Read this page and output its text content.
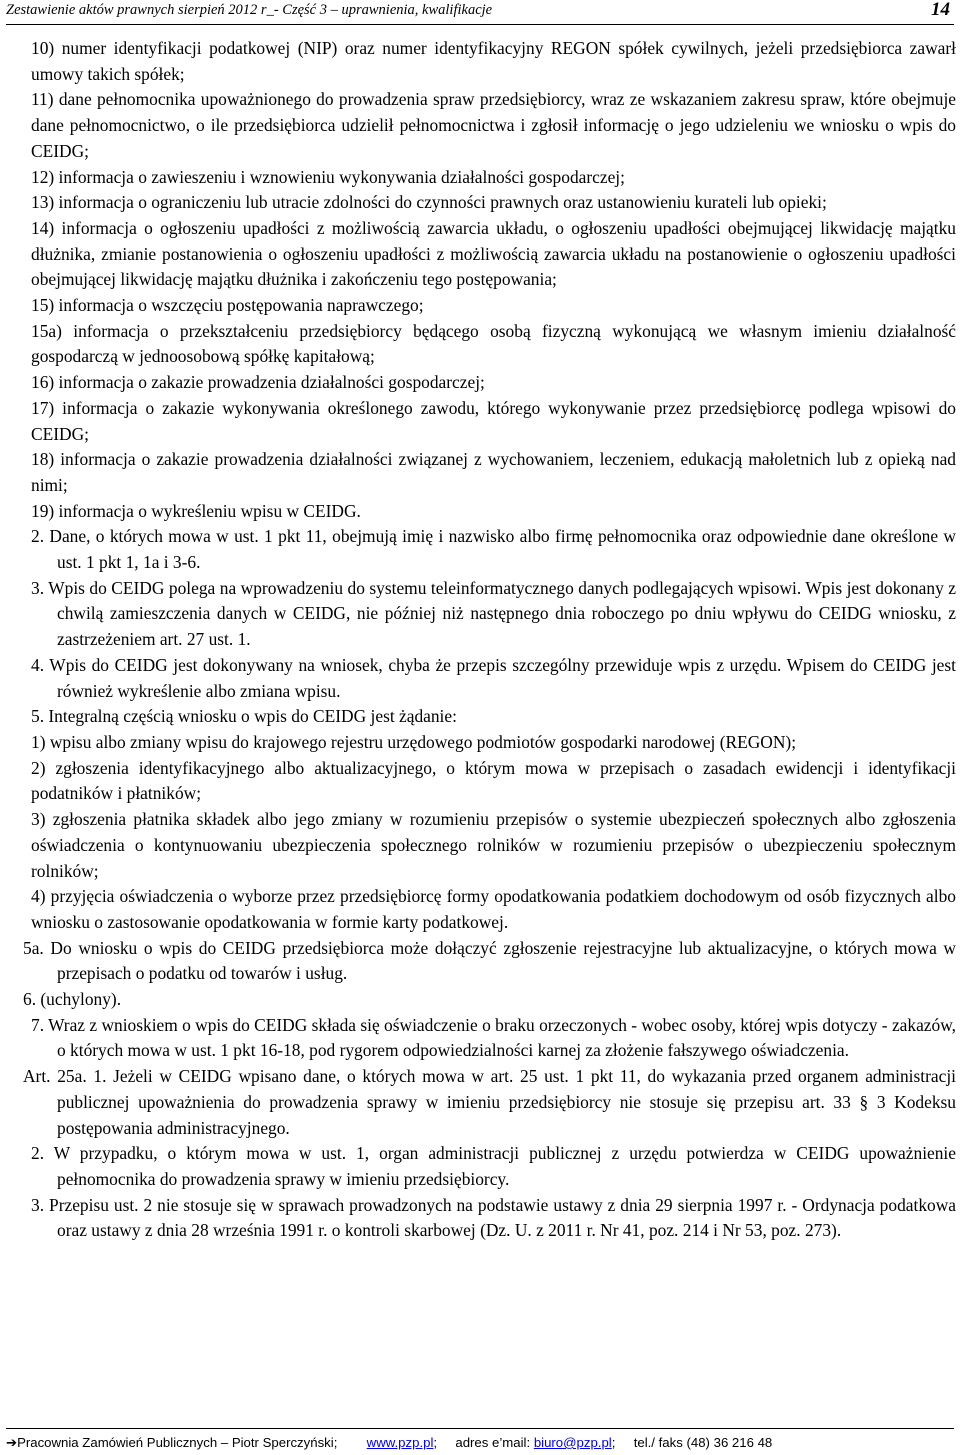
Zestawienie aktów prawnych sierpień 2012 r_- Część 3 – uprawnienia, kwalifikacje	14

10) numer identyfikacji podatkowej (NIP) oraz numer identyfikacyjny REGON spółek cywilnych, jeżeli przedsiębiorca zawarł umowy takich spółek;

11) dane pełnomocnika upoważnionego do prowadzenia spraw przedsiębiorcy, wraz ze wskazaniem zakresu spraw, które obejmuje dane pełnomocnictwo, o ile przedsiębiorca udzielił pełnomocnictwa i zgłosił informację o jego udzieleniu we wniosku o wpis do CEIDG;

12) informacja o zawieszeniu i wznowieniu wykonywania działalności gospodarczej;

13) informacja o ograniczeniu lub utracie zdolności do czynności prawnych oraz ustanowieniu kurateli lub opieki;

14) informacja o ogłoszeniu upadłości z możliwością zawarcia układu, o ogłoszeniu upadłości obejmującej likwidację majątku dłużnika, zmianie postanowienia o ogłoszeniu upadłości z możliwością zawarcia układu na postanowienie o ogłoszeniu upadłości obejmującej likwidację majątku dłużnika i zakończeniu tego postępowania;

15) informacja o wszczęciu postępowania naprawczego;

15a) informacja o przekształceniu przedsiębiorcy będącego osobą fizyczną wykonującą we własnym imieniu działalność gospodarczą w jednoosobową spółkę kapitałową;

16) informacja o zakazie prowadzenia działalności gospodarczej;

17) informacja o zakazie wykonywania określonego zawodu, którego wykonywanie przez przedsiębiorcę podlega wpisowi do CEIDG;

18) informacja o zakazie prowadzenia działalności związanej z wychowaniem, leczeniem, edukacją małoletnich lub z opieką nad nimi;

19) informacja o wykreśleniu wpisu w CEIDG.

2. Dane, o których mowa w ust. 1 pkt 11, obejmują imię i nazwisko albo firmę pełnomocnika oraz odpowiednie dane określone w ust. 1 pkt 1, 1a i 3-6.

3. Wpis do CEIDG polega na wprowadzeniu do systemu teleinformatycznego danych podlegających wpisowi. Wpis jest dokonany z chwilą zamieszczenia danych w CEIDG, nie później niż następnego dnia roboczego po dniu wpływu do CEIDG wniosku, z zastrzeżeniem art. 27 ust. 1.

4. Wpis do CEIDG jest dokonywany na wniosek, chyba że przepis szczególny przewiduje wpis z urzędu. Wpisem do CEIDG jest również wykreślenie albo zmiana wpisu.

5. Integralną częścią wniosku o wpis do CEIDG jest żądanie:

1) wpisu albo zmiany wpisu do krajowego rejestru urzędowego podmiotów gospodarki narodowej (REGON);

2) zgłoszenia identyfikacyjnego albo aktualizacyjnego, o którym mowa w przepisach o zasadach ewidencji i identyfikacji podatników i płatników;

3) zgłoszenia płatnika składek albo jego zmiany w rozumieniu przepisów o systemie ubezpieczeń społecznych albo zgłoszenia oświadczenia o kontynuowaniu ubezpieczenia społecznego rolników w rozumieniu przepisów o ubezpieczeniu społecznym rolników;

4) przyjęcia oświadczenia o wyborze przez przedsiębiorcę formy opodatkowania podatkiem dochodowym od osób fizycznych albo wniosku o zastosowanie opodatkowania w formie karty podatkowej.

5a. Do wniosku o wpis do CEIDG przedsiębiorca może dołączyć zgłoszenie rejestracyjne lub aktualizacyjne, o których mowa w przepisach o podatku od towarów i usług.

6. (uchylony).

7. Wraz z wnioskiem o wpis do CEIDG składa się oświadczenie o braku orzeczonych - wobec osoby, której wpis dotyczy - zakazów, o których mowa w ust. 1 pkt 16-18, pod rygorem odpowiedzialności karnej za złożenie fałszywego oświadczenia.

Art. 25a. 1. Jeżeli w CEIDG wpisano dane, o których mowa w art. 25 ust. 1 pkt 11, do wykazania przed organem administracji publicznej upoważnienia do prowadzenia sprawy w imieniu przedsiębiorcy nie stosuje się przepisu art. 33 § 3 Kodeksu postępowania administracyjnego.

2. W przypadku, o którym mowa w ust. 1, organ administracji publicznej z urzędu potwierdza w CEIDG upoważnienie pełnomocnika do prowadzenia sprawy w imieniu przedsiębiorcy.

3. Przepisu ust. 2 nie stosuje się w sprawach prowadzonych na podstawie ustawy z dnia 29 sierpnia 1997 r. - Ordynacja podatkowa oraz ustawy z dnia 28 września 1991 r. o kontroli skarbowej (Dz. U. z 2011 r. Nr 41, poz. 214 i Nr 53, poz. 273).

➔Pracownia Zamówień Publicznych – Piotr Sperczyński; www.pzp.pl; adres e’mail: biuro@pzp.pl; tel./ faks (48) 36 216 48
